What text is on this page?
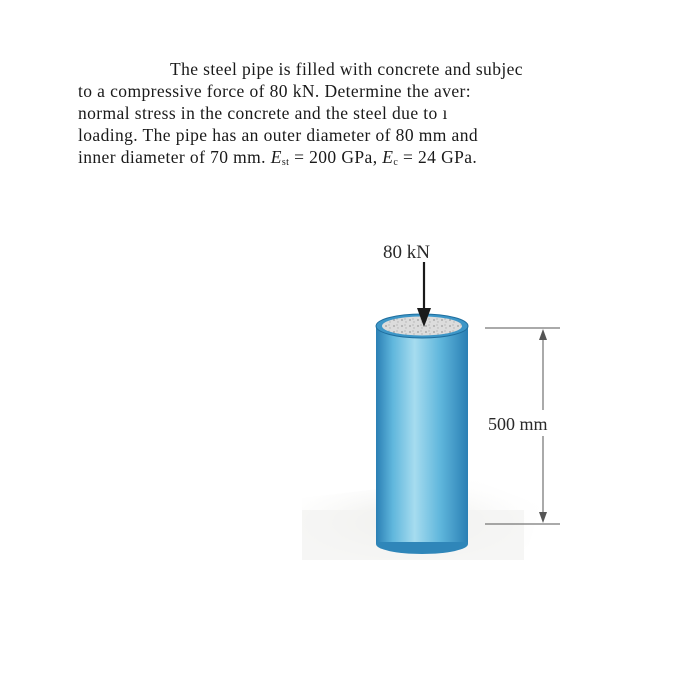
The steel pipe is filled with concrete and subjec
to a compressive force of 80 kN. Determine the aver:
normal stress in the concrete and the steel due to ı
loading. The pipe has an outer diameter of 80 mm and
inner diameter of 70 mm. $E_{st} = 200$ GPa, $E_c = 24$ GPa.
80 kN
500 mm
